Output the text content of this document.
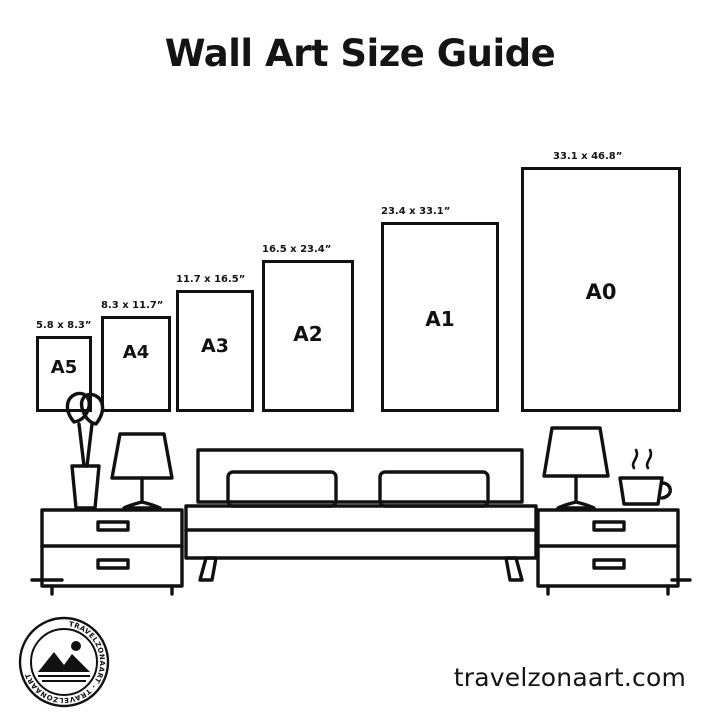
Wall Art Size Guide
5.8 x 8.3”
A5
8.3 x 11.7”
A4
11.7 x 16.5”
A3
16.5 x 23.4”
A2
23.4 x 33.1”
A1
33.1 x 46.8”
A0
TRAVELZONAART · TRAVELZONAART	travelzonaart.com
